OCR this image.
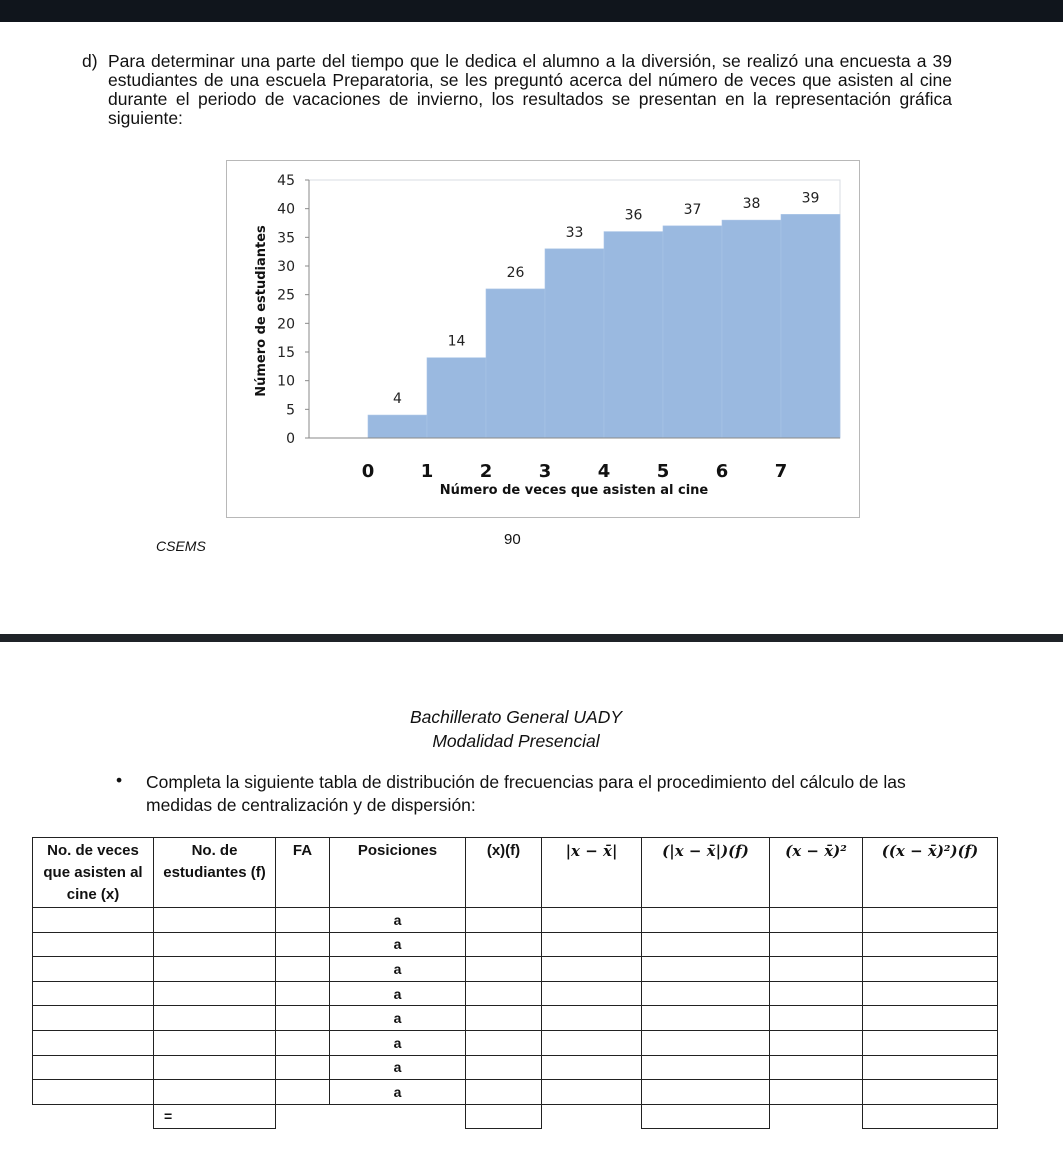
d) Para determinar una parte del tiempo que le dedica el alumno a la diversión, se realizó una encuesta a 39 estudiantes de una escuela Preparatoria, se les preguntó acerca del número de veces que asisten al cine durante el periodo de vacaciones de invierno, los resultados se presentan en la representación gráfica siguiente:
0
5
10
15
20
25
30
35
40
45
4
14
26
33
36	37	38	39
0	1	2	3	4	5	6	7
Número de veces que asisten al cine
Número de estudiantes
CSEMS	90
Bachillerato General UADY
Modalidad Presencial
• Completa la siguiente tabla de distribución de frecuencias para el procedimiento del cálculo de las medidas de centralización y de dispersión:
No. de veces que asisten al cine (x)	No. de estudiantes (f)	FA	Posiciones	(x)(f)	|x − x̄|	(|x − x̄|)(f)	(x − x̄)²	((x − x̄)²)(f)
			a					
			a					
			a					
			a					
			a					
			a					
			a					
			a					

	=							
